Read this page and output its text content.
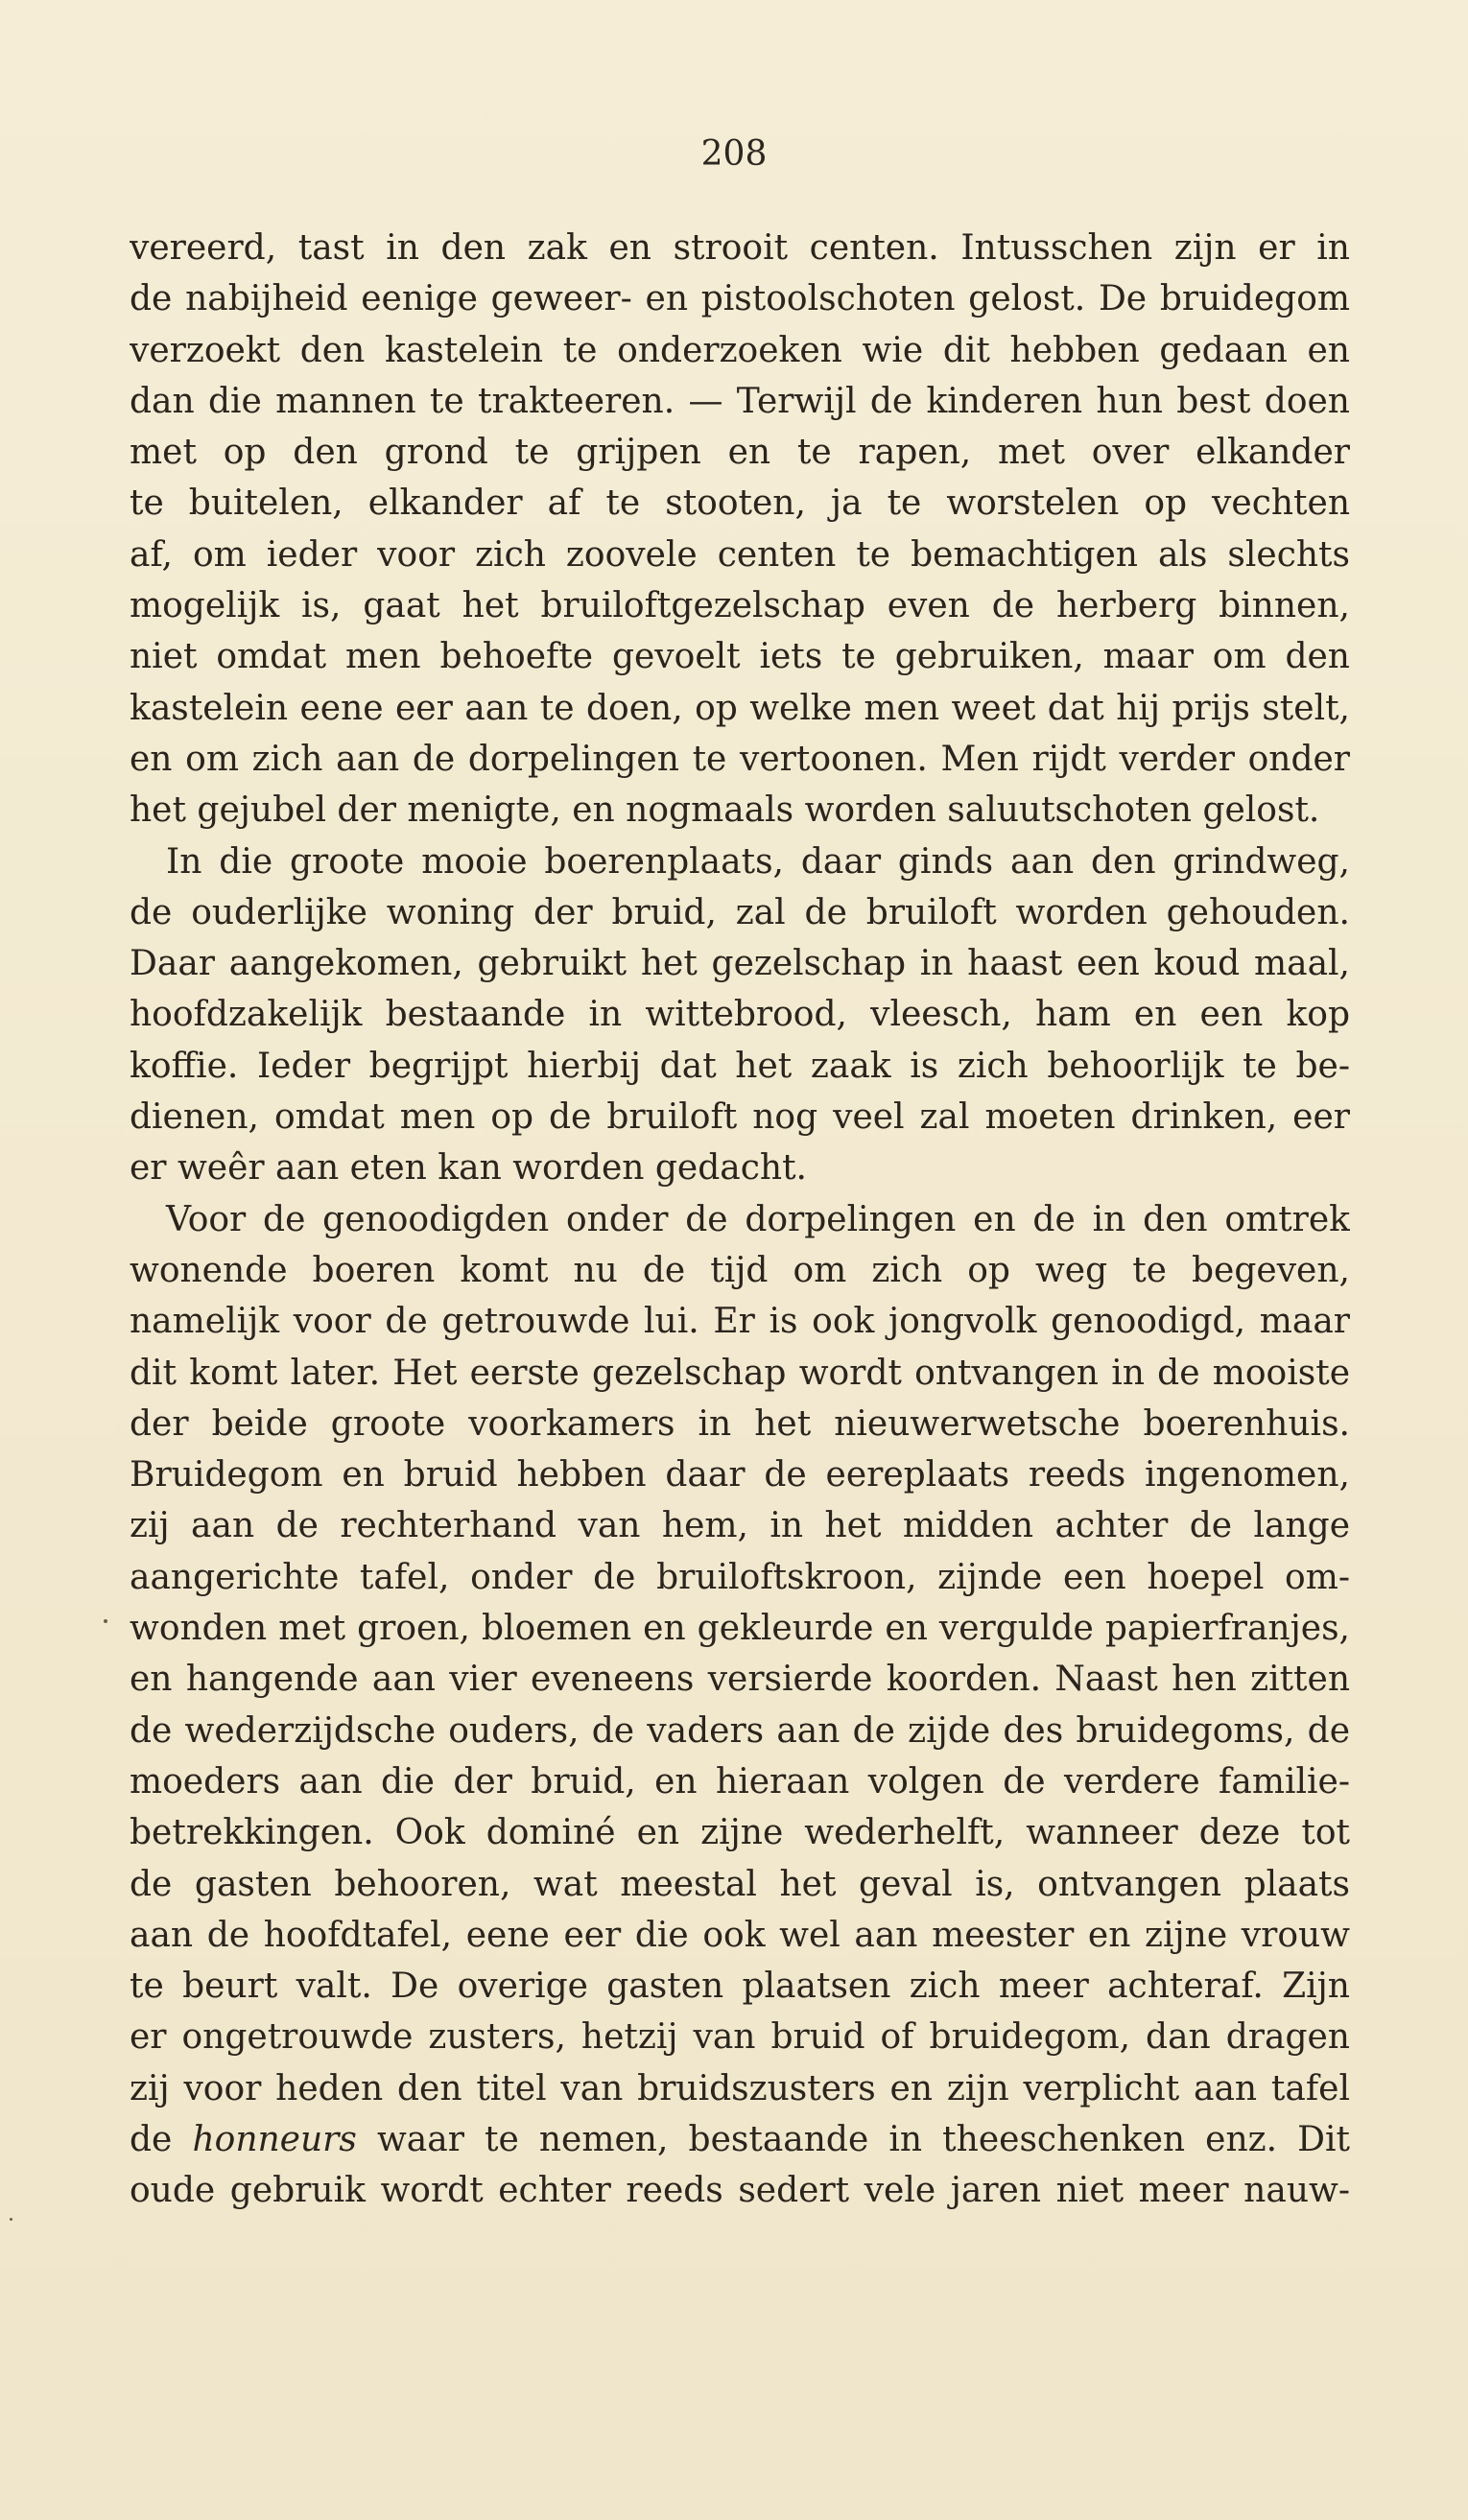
208
vereerd, tast in den zak en strooit centen. Intusschen zijn er in
de nabijheid eenige geweer- en pistoolschoten gelost. De bruidegom
verzoekt den kastelein te onderzoeken wie dit hebben gedaan en
dan die mannen te trakteeren. — Terwijl de kinderen hun best doen
met op den grond te grijpen en te rapen, met over elkander
te buitelen, elkander af te stooten, ja te worstelen op vechten
af, om ieder voor zich zoovele centen te bemachtigen als slechts
mogelijk is, gaat het bruiloftgezelschap even de herberg binnen,
niet omdat men behoefte gevoelt iets te gebruiken, maar om den
kastelein eene eer aan te doen, op welke men weet dat hij prijs stelt,
en om zich aan de dorpelingen te vertoonen. Men rijdt verder onder
het gejubel der menigte, en nogmaals worden saluutschoten gelost.
In die groote mooie boerenplaats, daar ginds aan den grindweg,
de ouderlijke woning der bruid, zal de bruiloft worden gehouden.
Daar aangekomen, gebruikt het gezelschap in haast een koud maal,
hoofdzakelijk bestaande in wittebrood, vleesch, ham en een kop
koffie. Ieder begrijpt hierbij dat het zaak is zich behoorlijk te be-
dienen, omdat men op de bruiloft nog veel zal moeten drinken, eer
er weêr aan eten kan worden gedacht.
Voor de genoodigden onder de dorpelingen en de in den omtrek
wonende boeren komt nu de tijd om zich op weg te begeven,
namelijk voor de getrouwde lui. Er is ook jongvolk genoodigd, maar
dit komt later. Het eerste gezelschap wordt ontvangen in de mooiste
der beide groote voorkamers in het nieuwerwetsche boerenhuis.
Bruidegom en bruid hebben daar de eereplaats reeds ingenomen,
zij aan de rechterhand van hem, in het midden achter de lange
aangerichte tafel, onder de bruiloftskroon, zijnde een hoepel om-
wonden met groen, bloemen en gekleurde en vergulde papierfranjes,
en hangende aan vier eveneens versierde koorden. Naast hen zitten
de wederzijdsche ouders, de vaders aan de zijde des bruidegoms, de
moeders aan die der bruid, en hieraan volgen de verdere familie-
betrekkingen. Ook dominé en zijne wederhelft, wanneer deze tot
de gasten behooren, wat meestal het geval is, ontvangen plaats
aan de hoofdtafel, eene eer die ook wel aan meester en zijne vrouw
te beurt valt. De overige gasten plaatsen zich meer achteraf. Zijn
er ongetrouwde zusters, hetzij van bruid of bruidegom, dan dragen
zij voor heden den titel van bruidszusters en zijn verplicht aan tafel
de honneurs waar te nemen, bestaande in theeschenken enz. Dit
oude gebruik wordt echter reeds sedert vele jaren niet meer nauw-
